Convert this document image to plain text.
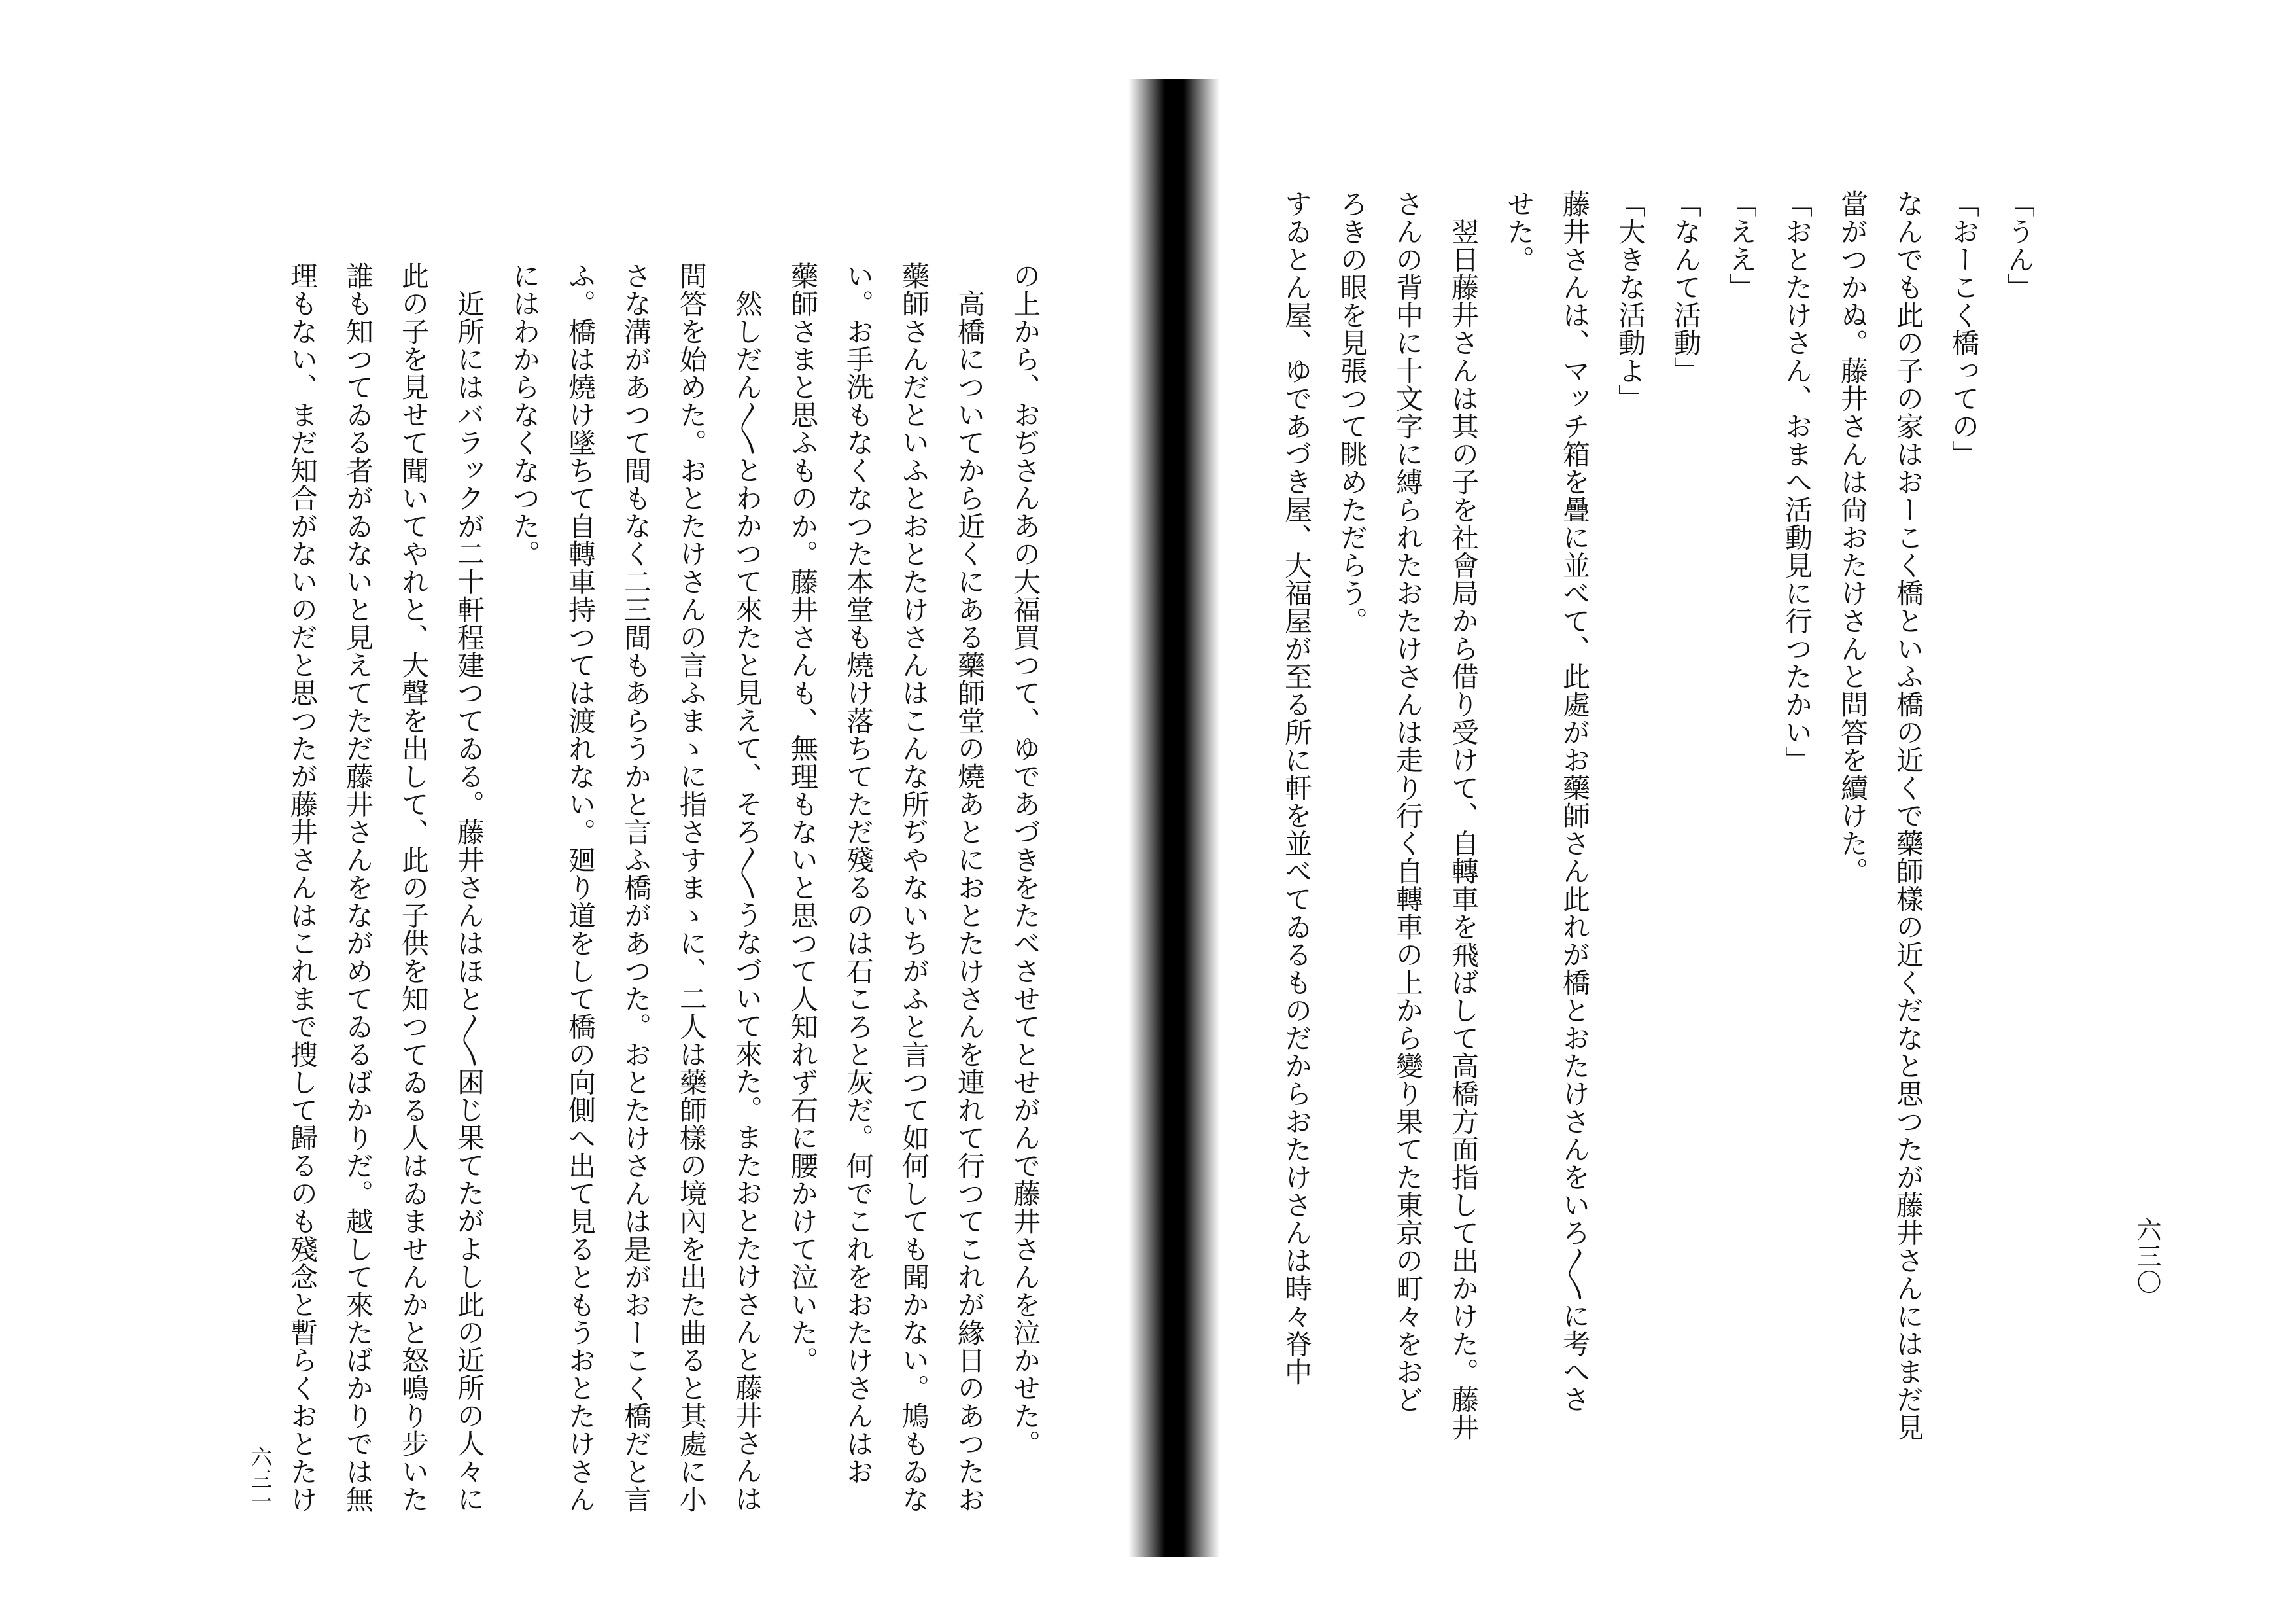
「うん」
「おーこく橋っての」
なんでも此の子の家はおーこく橋といふ橋の近くで藥師樣の近くだなと思つたが藤井さんにはまだ見
當がつかぬ。藤井さんは尙おたけさんと問答を續けた。
「おとたけさん、おまへ活動見に行つたかい」
「ええ」
「なんて活動」
「大きな活動よ」
藤井さんは、マッチ箱を疊に並べて、此處がお藥師さん此れが橋とおたけさんをいろ〳〵に考へさ
せた。
　翌日藤井さんは其の子を社會局から借り受けて、自轉車を飛ばして高橋方面指して出かけた。藤井
さんの背中に十文字に縛られたおたけさんは走り行く自轉車の上から變り果てた東京の町々をおど
ろきの眼を見張つて眺めただらう。
すゐとん屋、ゆであづき屋、大福屋が至る所に軒を並べてゐるものだからおたけさんは時々脊中
の上から、おぢさんあの大福買つて、ゆであづきをたべさせてとせがんで藤井さんを泣かせた。
　高橋についてから近くにある藥師堂の燒あとにおとたけさんを連れて行つてこれが緣日のあつたお
藥師さんだといふとおとたけさんはこんな所ぢやないちがふと言つて如何しても聞かない。鳩もゐな
い。お手洗もなくなつた本堂も燒け落ちてただ殘るのは石ころと灰だ。何でこれをおたけさんはお
藥師さまと思ふものか。藤井さんも、無理もないと思つて人知れず石に腰かけて泣いた。
　然しだん〳〵とわかつて來たと見えて、そろ〳〵うなづいて來た。またおとたけさんと藤井さんは
問答を始めた。おとたけさんの言ふまゝに指さすまゝに、二人は藥師樣の境內を出た曲ると其處に小
さな溝があつて間もなく二三間もあらうかと言ふ橋があつた。おとたけさんは是がおーこく橋だと言
ふ。橋は燒け墜ちて自轉車持つては渡れない。廻り道をして橋の向側へ出て見るともうおとたけさん
にはわからなくなつた。
　近所にはバラックが二十軒程建つてゐる。藤井さんはほと〳〵困じ果てたがよし此の近所の人々に
此の子を見せて聞いてやれと、大聲を出して、此の子供を知つてゐる人はゐませんかと怒鳴り步いた
誰も知つてゐる者がゐないと見えてただ藤井さんをながめてゐるばかりだ。越して來たばかりでは無
理もない、まだ知合がないのだと思つたが藤井さんはこれまで搜して歸るのも殘念と暫らくおとたけ	六三〇
六三一
